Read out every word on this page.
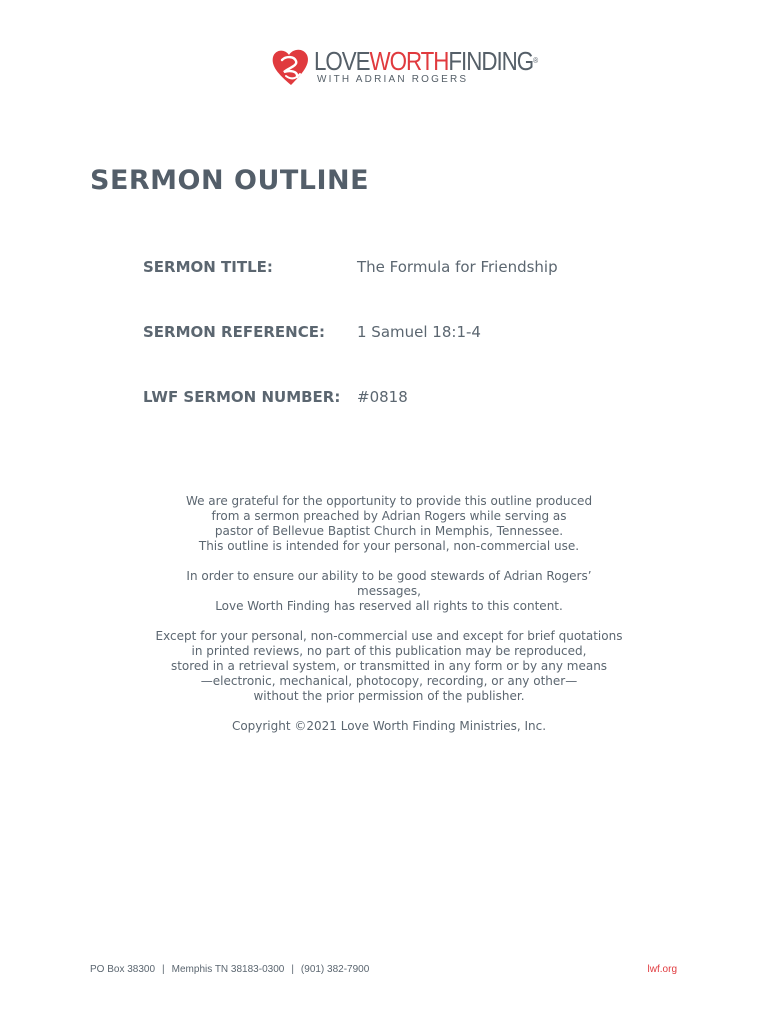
LOVEWORTHFINDING®
WITH ADRIAN ROGERS
SERMON OUTLINE
SERMON TITLE:	The Formula for Friendship
SERMON REFERENCE: 1 Samuel 18:1-4
LWF SERMON NUMBER: #0818

We are grateful for the opportunity to provide this outline produced
from a sermon preached by Adrian Rogers while serving as
pastor of Bellevue Baptist Church in Memphis, Tennessee.
This outline is intended for your personal, non-commercial use.

In order to ensure our ability to be good stewards of Adrian Rogers’
messages,
Love Worth Finding has reserved all rights to this content.

Except for your personal, non-commercial use and except for brief quotations
in printed reviews, no part of this publication may be reproduced,
stored in a retrieval system, or transmitted in any form or by any means
—electronic, mechanical, photocopy, recording, or any other—
without the prior permission of the publisher.

Copyright ©2021 Love Worth Finding Ministries, Inc.

PO Box 38300 | Memphis TN 38183-0300 | (901) 382-7900	lwf.org
